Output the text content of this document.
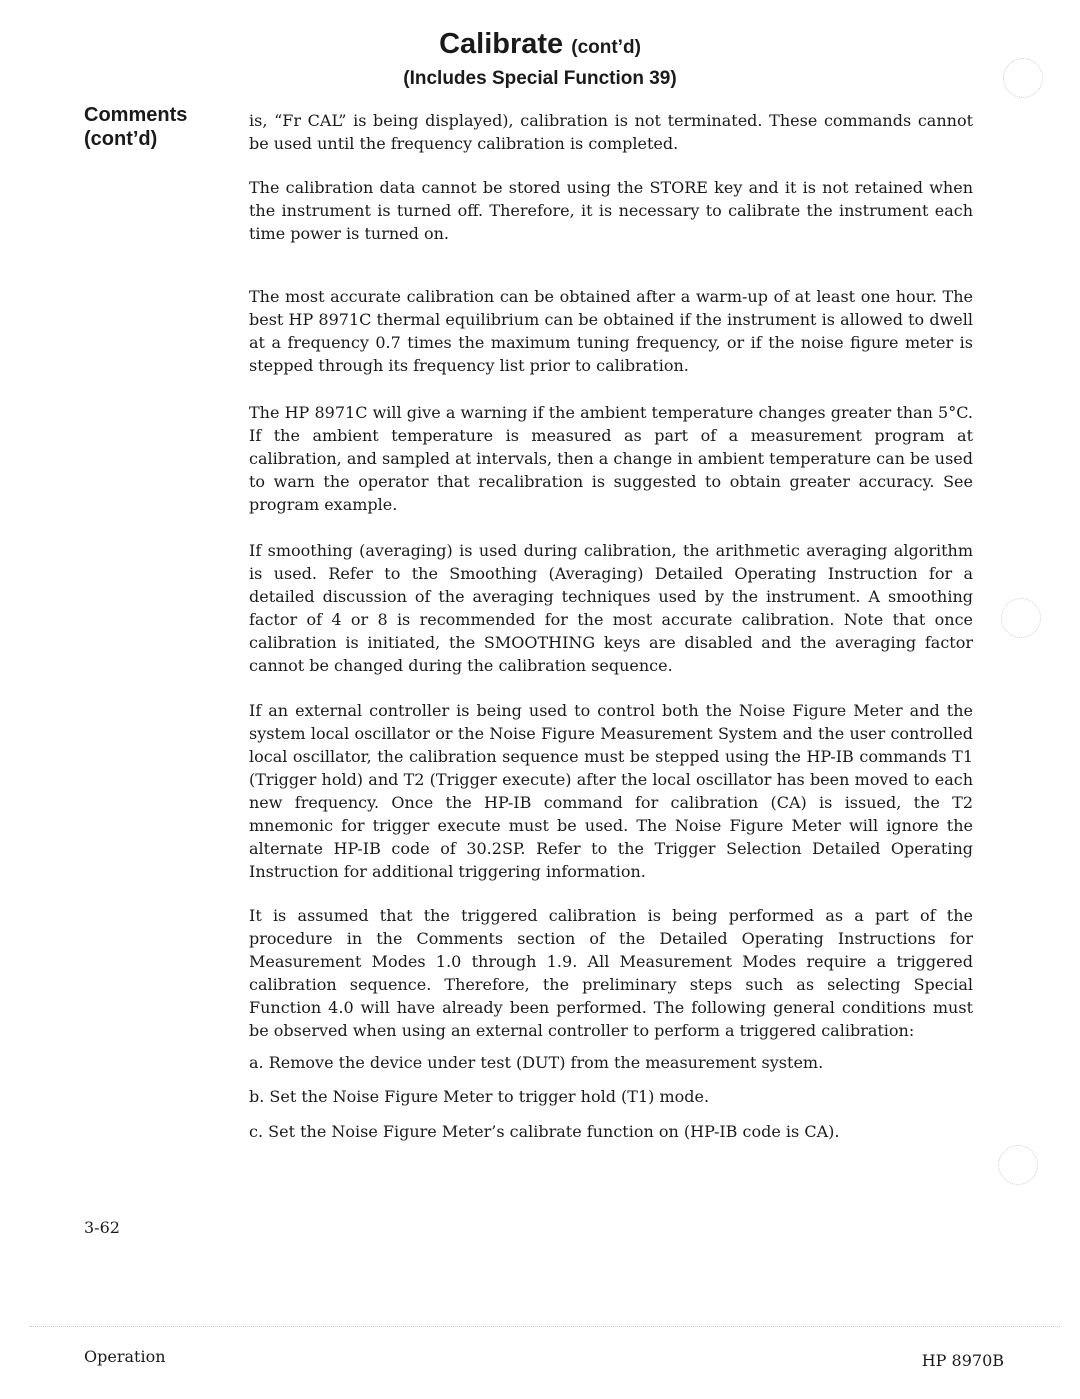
Calibrate (cont’d)
(Includes Special Function 39)
Comments
(cont’d)

is, “Fr CAL” is being displayed), calibration is not terminated. These commands cannot be used until the frequency calibration is completed.

The calibration data cannot be stored using the STORE key and it is not retained when the instrument is turned off. Therefore, it is necessary to calibrate the instrument each time power is turned on.

The most accurate calibration can be obtained after a warm-up of at least one hour. The best HP 8971C thermal equilibrium can be obtained if the instrument is allowed to dwell at a frequency 0.7 times the maximum tuning frequency, or if the noise figure meter is stepped through its frequency list prior to calibration.

The HP 8971C will give a warning if the ambient temperature changes greater than 5°C. If the ambient temperature is measured as part of a measurement program at calibration, and sampled at intervals, then a change in ambient temperature can be used to warn the operator that recalibration is suggested to obtain greater accuracy. See program example.

If smoothing (averaging) is used during calibration, the arithmetic averaging algorithm is used. Refer to the Smoothing (Averaging) Detailed Operating Instruction for a detailed discussion of the averaging techniques used by the instrument. A smoothing factor of 4 or 8 is recommended for the most accurate calibration. Note that once calibration is initiated, the SMOOTHING keys are disabled and the averaging factor cannot be changed during the calibration sequence.

If an external controller is being used to control both the Noise Figure Meter and the system local oscillator or the Noise Figure Measurement System and the user controlled local oscillator, the calibration sequence must be stepped using the HP-IB commands T1 (Trigger hold) and T2 (Trigger execute) after the local oscillator has been moved to each new frequency. Once the HP-IB command for calibration (CA) is issued, the T2 mnemonic for trigger execute must be used. The Noise Figure Meter will ignore the alternate HP-IB code of 30.2SP. Refer to the Trigger Selection Detailed Operating Instruction for additional triggering information.

It is assumed that the triggered calibration is being performed as a part of the procedure in the Comments section of the Detailed Operating Instructions for Measurement Modes 1.0 through 1.9. All Measurement Modes require a triggered calibration sequence. Therefore, the preliminary steps such as selecting Special Function 4.0 will have already been performed. The following general conditions must be observed when using an external controller to perform a triggered calibration:

a. Remove the device under test (DUT) from the measurement system.

b. Set the Noise Figure Meter to trigger hold (T1) mode.

c. Set the Noise Figure Meter’s calibrate function on (HP-IB code is CA).

3-62
Operation	HP 8970B
